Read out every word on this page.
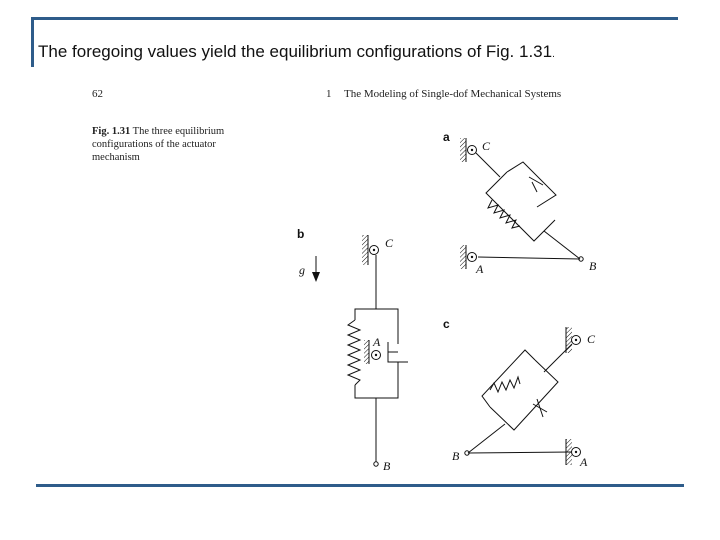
The foregoing values yield the equilibrium configurations of Fig. 1.31.
62	1 The Modeling of Single-dof Mechanical Systems
Fig. 1.31 The three equilibrium configurations of the actuator mechanism
a
C
A	B
b
g
C
A
B
c
C
A
B
